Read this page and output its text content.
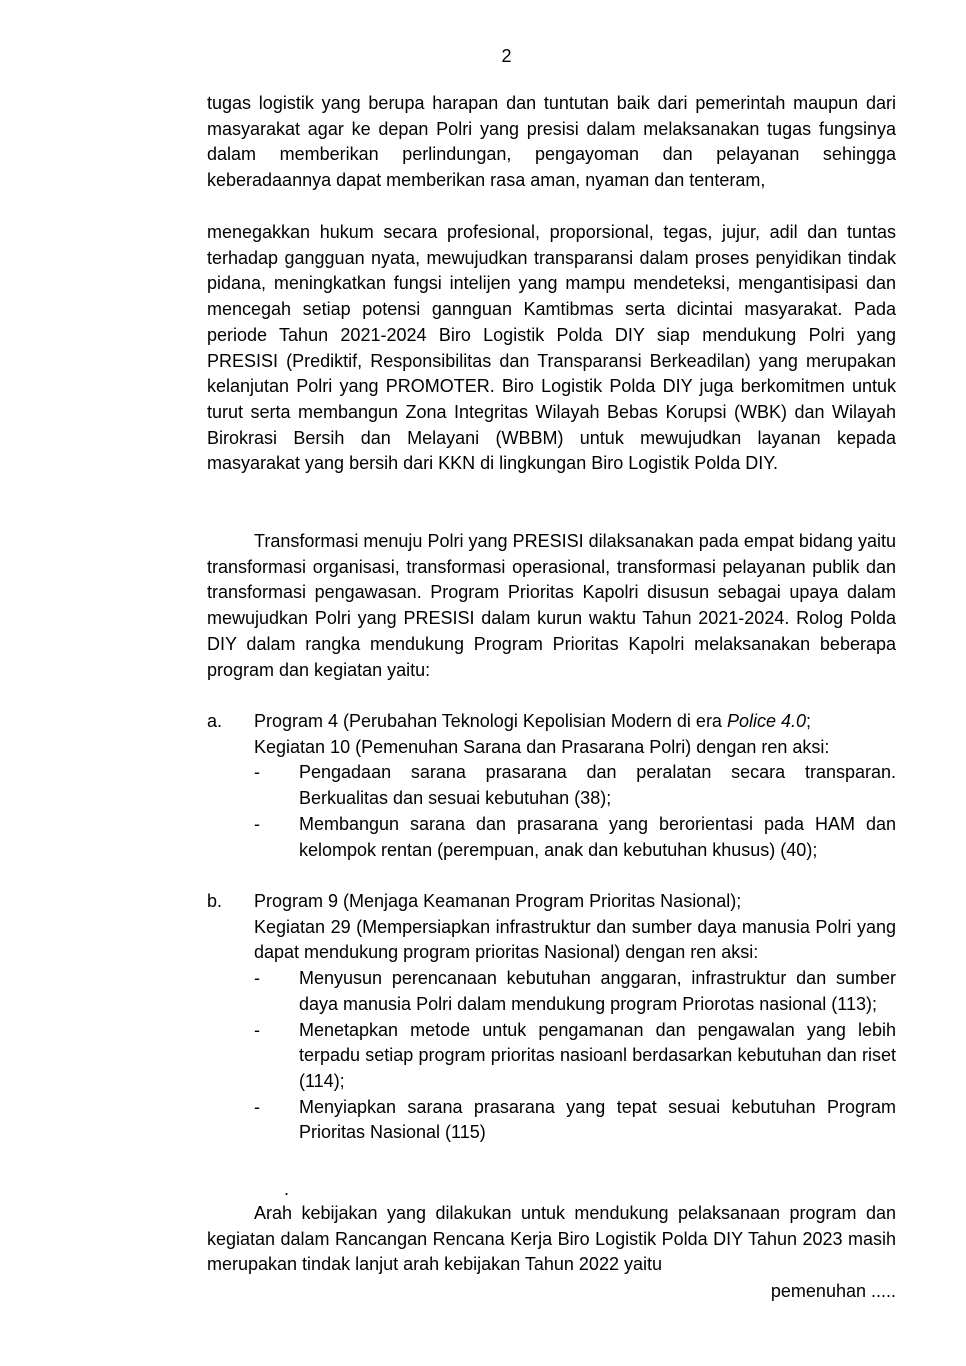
2

tugas logistik yang berupa harapan dan tuntutan baik dari pemerintah maupun dari masyarakat agar ke depan Polri yang presisi dalam melaksanakan tugas fungsinya dalam memberikan perlindungan, pengayoman dan pelayanan sehingga keberadaannya dapat memberikan rasa aman, nyaman dan tenteram,

menegakkan hukum secara profesional, proporsional, tegas, jujur, adil dan tuntas terhadap gangguan nyata, mewujudkan transparansi dalam proses penyidikan tindak pidana, meningkatkan fungsi intelijen yang mampu mendeteksi, mengantisipasi dan mencegah setiap potensi gannguan Kamtibmas serta dicintai masyarakat. Pada periode Tahun 2021-2024 Biro Logistik Polda DIY siap mendukung Polri yang PRESISI (Prediktif, Responsibilitas dan Transparansi Berkeadilan) yang merupakan kelanjutan Polri yang PROMOTER. Biro Logistik Polda DIY juga berkomitmen untuk turut serta membangun Zona Integritas Wilayah Bebas Korupsi (WBK) dan Wilayah Birokrasi Bersih dan Melayani (WBBM) untuk mewujudkan layanan kepada masyarakat yang bersih dari KKN di lingkungan Biro Logistik Polda DIY.

Transformasi menuju Polri yang PRESISI dilaksanakan pada empat bidang yaitu transformasi organisasi, transformasi operasional, transformasi pelayanan publik dan transformasi pengawasan. Program Prioritas Kapolri disusun sebagai upaya dalam mewujudkan Polri yang PRESISI dalam kurun waktu Tahun 2021-2024. Rolog Polda DIY dalam rangka mendukung Program Prioritas Kapolri melaksanakan beberapa program dan kegiatan yaitu:

a. Program 4 (Perubahan Teknologi Kepolisian Modern di era Police 4.0;
Kegiatan 10 (Pemenuhan Sarana dan Prasarana Polri) dengan ren aksi:
- Pengadaan sarana prasarana dan peralatan secara transparan. Berkualitas dan sesuai kebutuhan (38);
- Membangun sarana dan prasarana yang berorientasi pada HAM dan kelompok rentan (perempuan, anak dan kebutuhan khusus) (40);
b. Program 9 (Menjaga Keamanan Program Prioritas Nasional);
Kegiatan 29 (Mempersiapkan infrastruktur dan sumber daya manusia Polri yang dapat mendukung program prioritas Nasional) dengan ren aksi:
- Menyusun perencanaan kebutuhan anggaran, infrastruktur dan sumber daya manusia Polri dalam mendukung program Priorotas nasional (113);
- Menetapkan metode untuk pengamanan dan pengawalan yang lebih terpadu setiap program prioritas nasioanl berdasarkan kebutuhan dan riset (114);
- Menyiapkan sarana prasarana yang tepat sesuai kebutuhan Program Prioritas Nasional (115)
.

Arah kebijakan yang dilakukan untuk mendukung pelaksanaan program dan kegiatan dalam Rancangan Rencana Kerja Biro Logistik Polda DIY Tahun 2023 masih merupakan tindak lanjut arah kebijakan Tahun 2022 yaitu

pemenuhan .....
